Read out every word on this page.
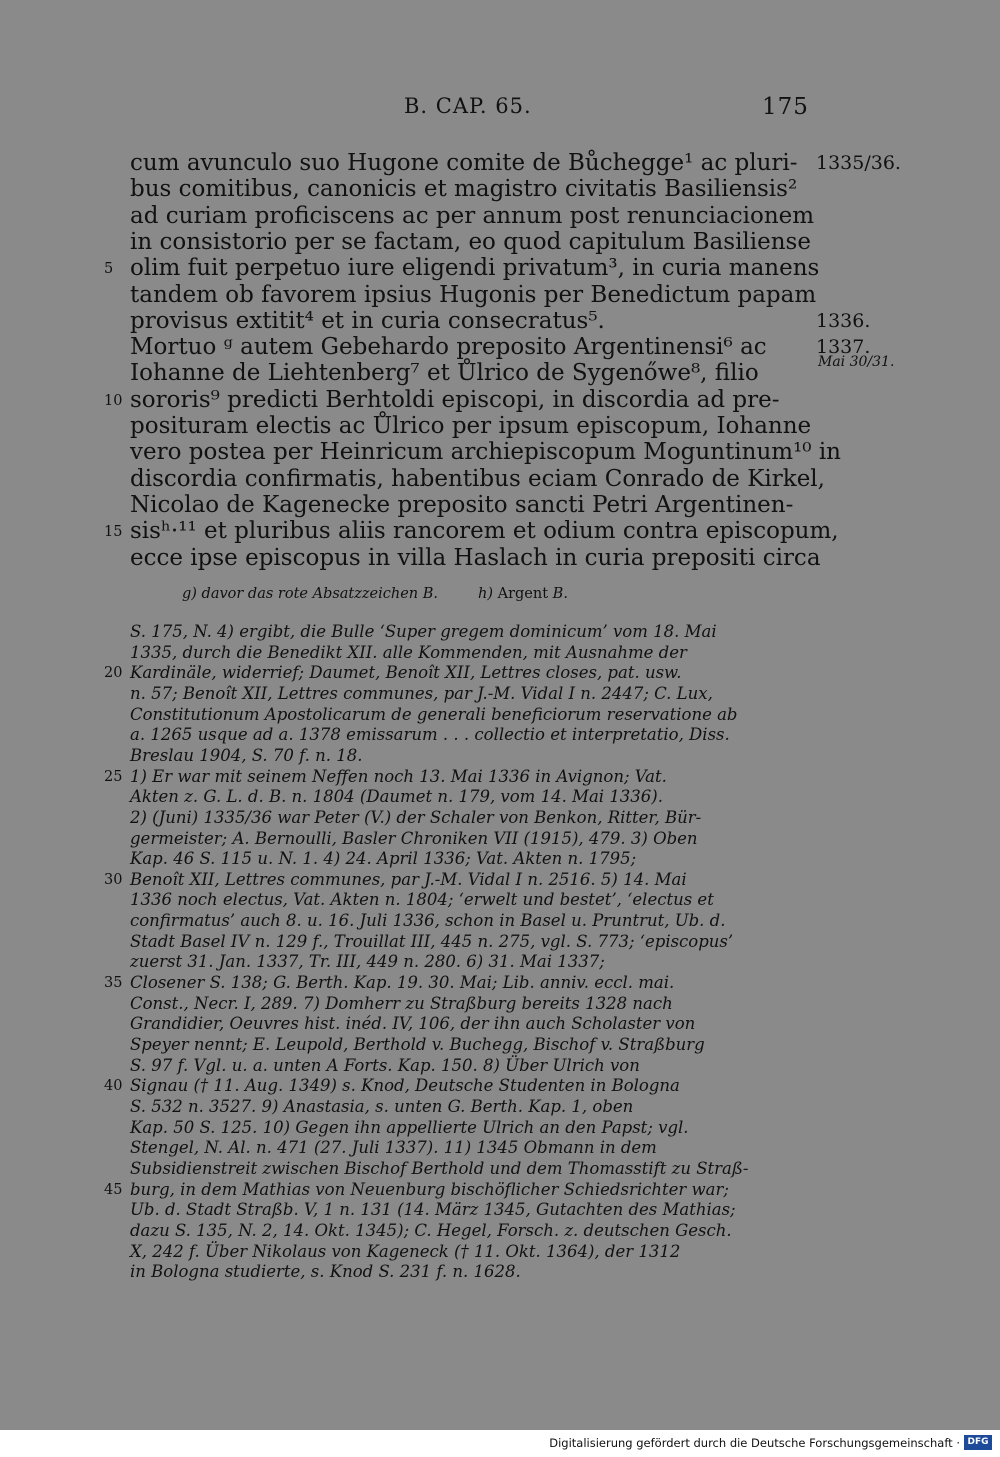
B. CAP. 65.	175
cum avunculo suo Hugone comite de Bůchegge¹ ac pluri- 1335/36.
bus comitibus, canonicis et magistro civitatis Basiliensis²
ad curiam proficiscens ac per annum post renunciacionem
in consistorio per se factam, eo quod capitulum Basiliense
olim fuit perpetuo iure eligendi privatum³, in curia manens
5
tandem ob favorem ipsius Hugonis per Benedictum papam
provisus extitit⁴ et in curia consecratus⁵.	1336.
Mortuo ᵍ autem Gebehardo preposito Argentinensi⁶ ac	1337.
Iohanne de Liehtenberg⁷ et Ůlrico de Sygenőwe⁸, filio
sororis⁹ predicti Berhtoldi episcopi, in discordia ad pre-
10
posituram electis ac Ůlrico per ipsum episcopum, Iohanne
vero postea per Heinricum archiepiscopum Moguntinum¹⁰ in
discordia confirmatis, habentibus eciam Conrado de Kirkel,
Nicolao de Kagenecke preposito sancti Petri Argentinen-
sisʰ·¹¹ et pluribus aliis rancorem et odium contra episcopum,
15
ecce ipse episcopus in villa Haslach in curia prepositi circa
Mai 30/31.
g) davor das rote Absatzzeichen B.	h) Argent B.
S. 175, N. 4) ergibt, die Bulle ‘Super gregem dominicum’ vom 18. Mai
1335, durch die Benedikt XII. alle Kommenden, mit Ausnahme der
Kardinäle, widerrief; Daumet, Benoît XII, Lettres closes, pat. usw.
20
n. 57; Benoît XII, Lettres communes, par J.-M. Vidal I n. 2447; C. Lux,
Constitutionum Apostolicarum de generali beneficiorum reservatione ab
a. 1265 usque ad a. 1378 emissarum . . . collectio et interpretatio, Diss.
Breslau 1904, S. 70 f. n. 18.
1) Er war mit seinem Neffen noch 13. Mai 1336 in Avignon; Vat.
25
Akten z. G. L. d. B. n. 1804 (Daumet n. 179, vom 14. Mai 1336).
2) (Juni) 1335/36 war Peter (V.) der Schaler von Benkon, Ritter, Bür-
germeister; A. Bernoulli, Basler Chroniken VII (1915), 479. 3) Oben
Kap. 46 S. 115 u. N. 1. 4) 24. April 1336; Vat. Akten n. 1795;
Benoît XII, Lettres communes, par J.-M. Vidal I n. 2516. 5) 14. Mai
30
1336 noch electus, Vat. Akten n. 1804; ‘erwelt und bestet’, ‘electus et
confirmatus’ auch 8. u. 16. Juli 1336, schon in Basel u. Pruntrut, Ub. d.
Stadt Basel IV n. 129 f., Trouillat III, 445 n. 275, vgl. S. 773; ‘episcopus’
zuerst 31. Jan. 1337, Tr. III, 449 n. 280. 6) 31. Mai 1337;
Closener S. 138; G. Berth. Kap. 19. 30. Mai; Lib. anniv. eccl. mai.
35
Const., Necr. I, 289. 7) Domherr zu Straßburg bereits 1328 nach
Grandidier, Oeuvres hist. inéd. IV, 106, der ihn auch Scholaster von
Speyer nennt; E. Leupold, Berthold v. Buchegg, Bischof v. Straßburg
S. 97 f. Vgl. u. a. unten A Forts. Kap. 150. 8) Über Ulrich von
Signau († 11. Aug. 1349) s. Knod, Deutsche Studenten in Bologna
40
S. 532 n. 3527. 9) Anastasia, s. unten G. Berth. Kap. 1, oben
Kap. 50 S. 125. 10) Gegen ihn appellierte Ulrich an den Papst; vgl.
Stengel, N. Al. n. 471 (27. Juli 1337). 11) 1345 Obmann in dem
Subsidienstreit zwischen Bischof Berthold und dem Thomasstift zu Straß-
burg, in dem Mathias von Neuenburg bischöflicher Schiedsrichter war;
45
Ub. d. Stadt Straßb. V, 1 n. 131 (14. März 1345, Gutachten des Mathias;
dazu S. 135, N. 2, 14. Okt. 1345); C. Hegel, Forsch. z. deutschen Gesch.
X, 242 f. Über Nikolaus von Kageneck († 11. Okt. 1364), der 1312
in Bologna studierte, s. Knod S. 231 f. n. 1628.
Digitalisierung gefördert durch die Deutsche Forschungsgemeinschaft · DFG
